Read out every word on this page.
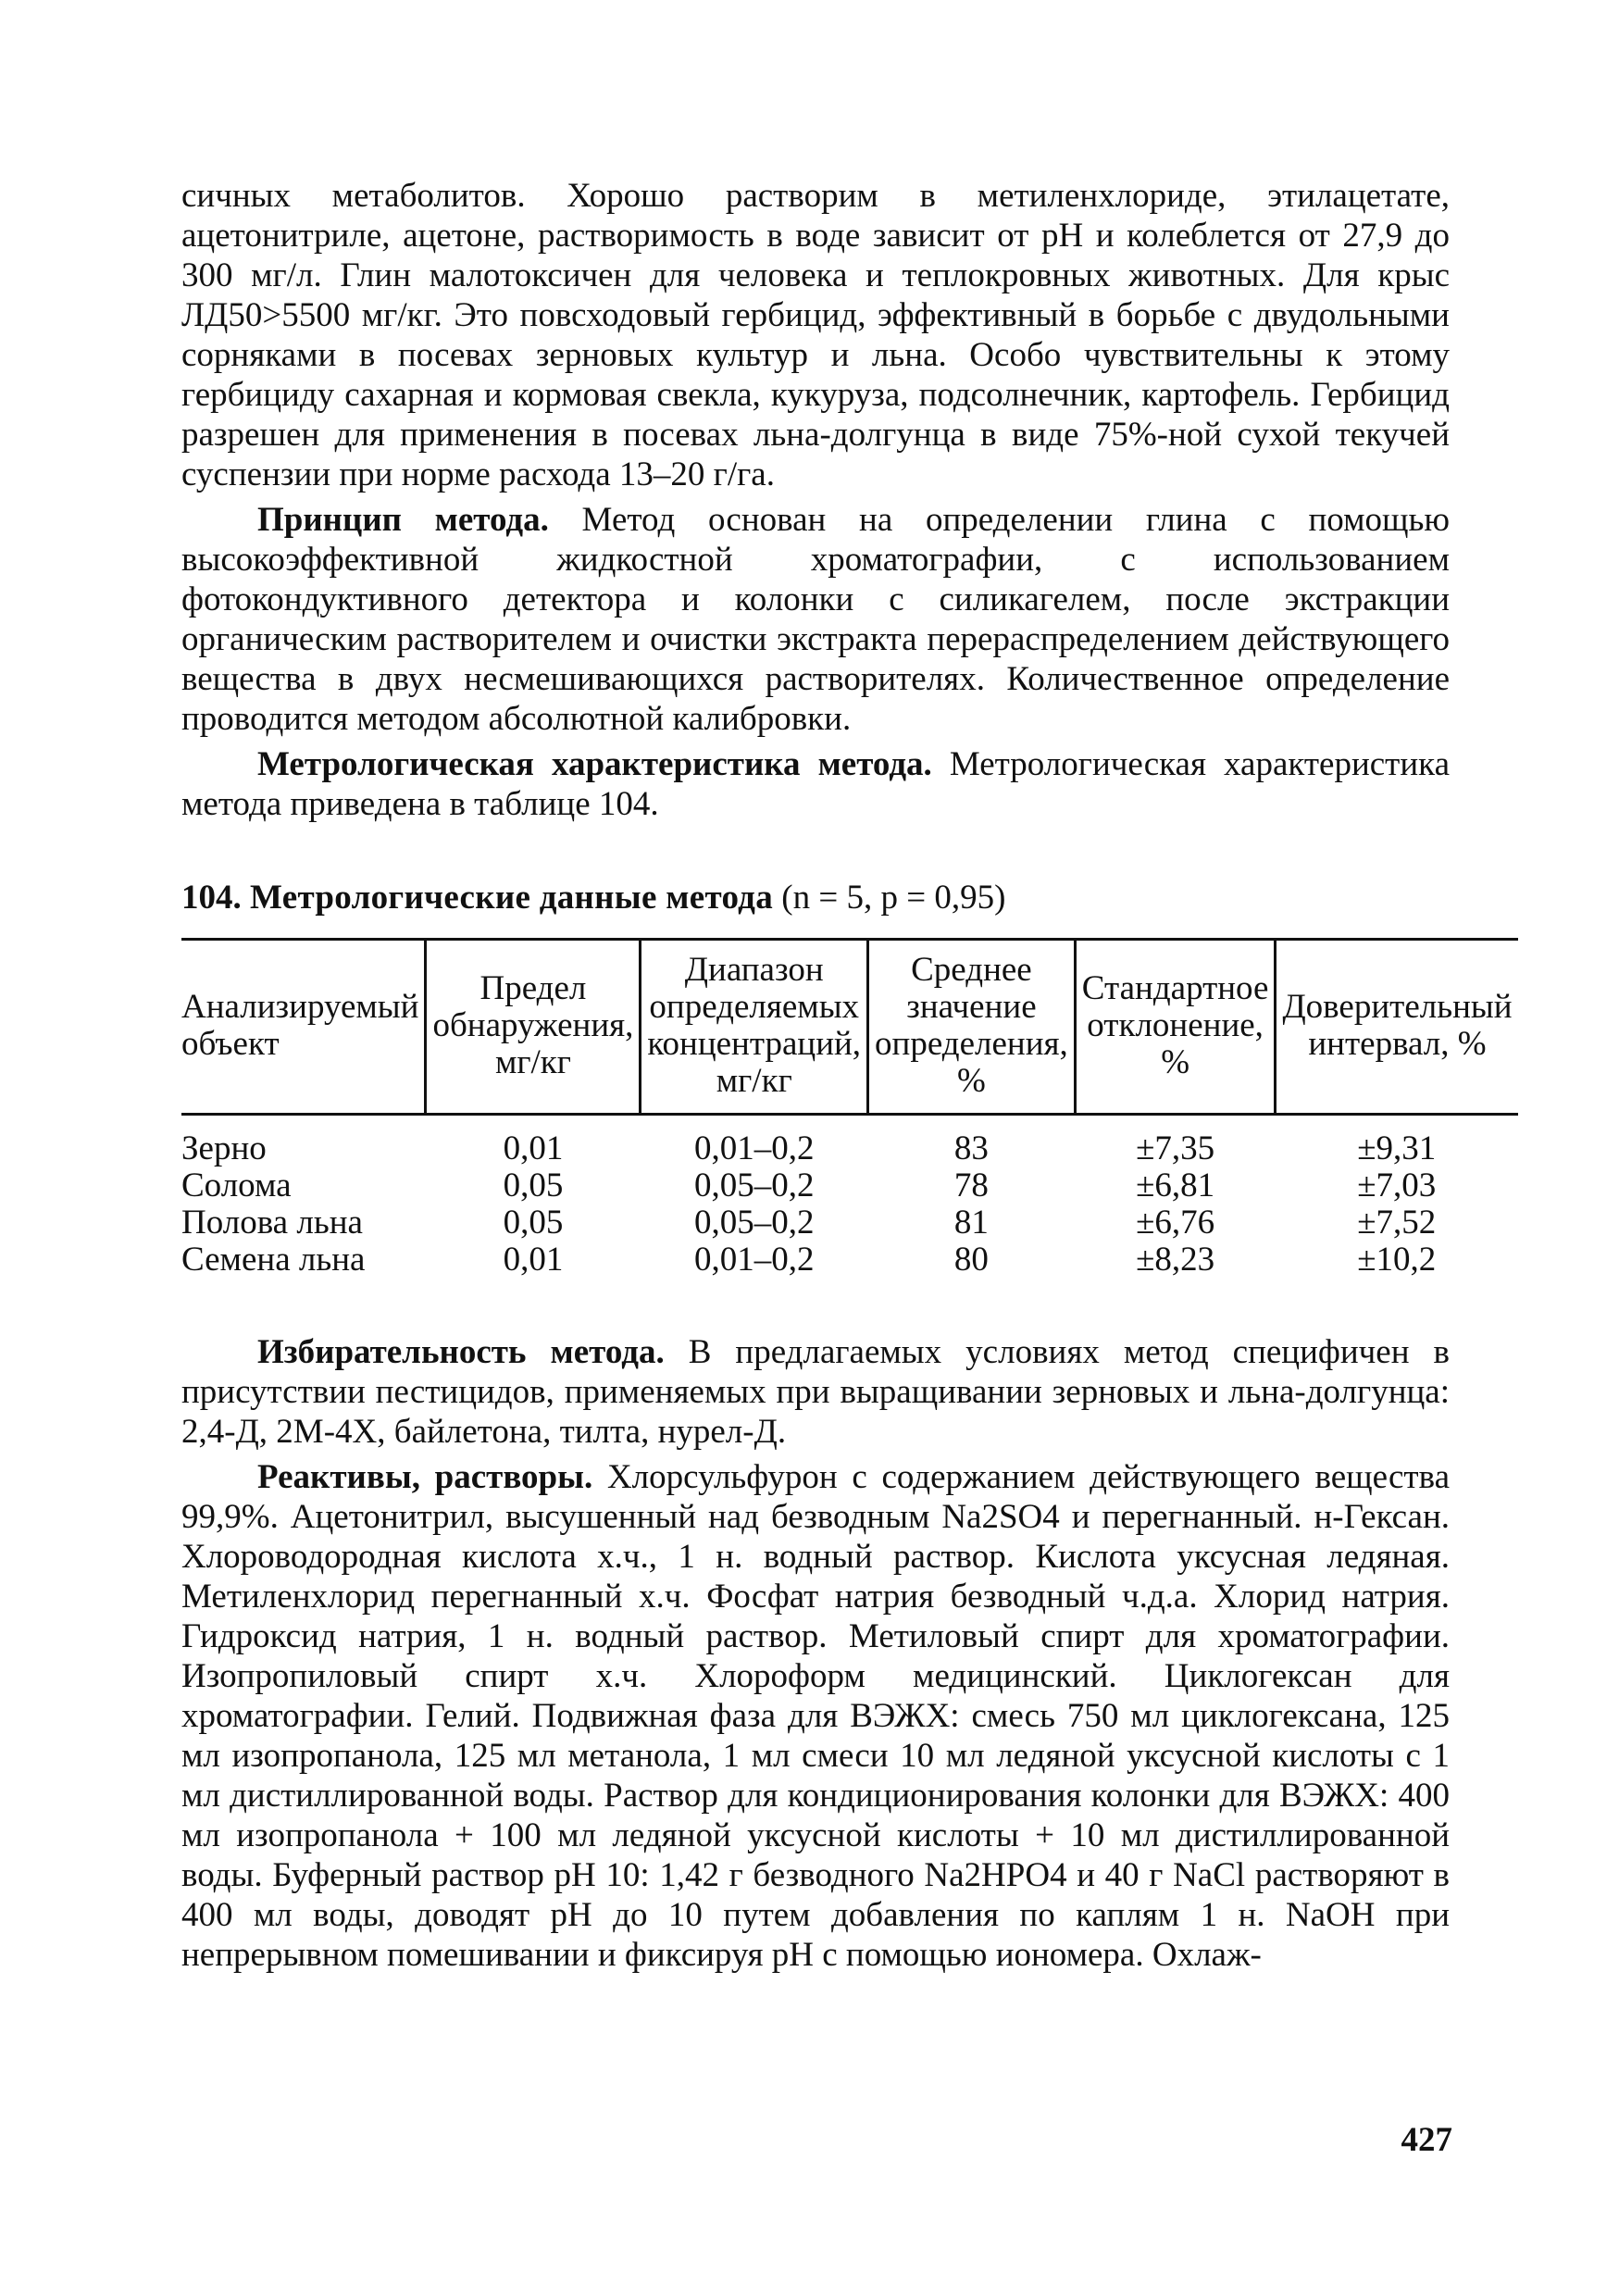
сичных метаболитов. Хорошо растворим в метиленхлориде, этилацетате, ацетонитриле, ацетоне, растворимость в воде зависит от pH и колеблется от 27,9 до 300 мг/л. Глин малотоксичен для человека и теплокровных животных. Для крыс ЛД50>5500 мг/кг. Это повсходовый гербицид, эффективный в борьбе с двудольными сорняками в посевах зерновых культур и льна. Особо чувствительны к этому гербициду сахарная и кормовая свекла, кукуруза, подсолнечник, картофель. Гербицид разрешен для применения в посевах льна-долгунца в виде 75%-ной сухой текучей суспензии при норме расхода 13–20 г/га.

Принцип метода. Метод основан на определении глина с помощью высокоэффективной жидкостной хроматографии, с использованием фотокондуктивного детектора и колонки с силикагелем, после экстракции органическим растворителем и очистки экстракта перераспределением действующего вещества в двух несмешивающихся растворителях. Количественное определение проводится методом абсолютной калибровки.

Метрологическая характеристика метода. Метрологическая характеристика метода приведена в таблице 104.

104. Метрологические данные метода (n = 5, p = 0,95)
Анализируемый объект	Предел обнаружения, мг/кг	Диапазон определяемых концентраций, мг/кг	Среднее значение определения, %	Стандартное отклонение, %	Доверительный интервал, %
Зерно	0,01	0,01–0,2	83	±7,35	±9,31
Солома	0,05	0,05–0,2	78	±6,81	±7,03
Полова льна	0,05	0,05–0,2	81	±6,76	±7,52
Семена льна	0,01	0,01–0,2	80	±8,23	±10,2

Избирательность метода. В предлагаемых условиях метод специфичен в присутствии пестицидов, применяемых при выращивании зерновых и льна-долгунца: 2,4-Д, 2М-4Х, байлетона, тилта, нурел-Д.

Реактивы, растворы. Хлорсульфурон с содержанием действующего вещества 99,9%. Ацетонитрил, высушенный над безводным Na2SO4 и перегнанный. н-Гексан. Хлороводородная кислота х.ч., 1 н. водный раствор. Кислота уксусная ледяная. Метиленхлорид перегнанный х.ч. Фосфат натрия безводный ч.д.а. Хлорид натрия. Гидроксид натрия, 1 н. водный раствор. Метиловый спирт для хроматографии. Изопропиловый спирт х.ч. Хлороформ медицинский. Циклогексан для хроматографии. Гелий. Подвижная фаза для ВЭЖХ: смесь 750 мл циклогексана, 125 мл изопропанола, 125 мл метанола, 1 мл смеси 10 мл ледяной уксусной кислоты с 1 мл дистиллированной воды. Раствор для кондиционирования колонки для ВЭЖХ: 400 мл изопропанола + 100 мл ледяной уксусной кислоты + 10 мл дистиллированной воды. Буферный раствор pH 10: 1,42 г безводного Na2HPO4 и 40 г NaCl растворяют в 400 мл воды, доводят pH до 10 путем добавления по каплям 1 н. NaOH при непрерывном помешивании и фиксируя pH с помощью иономера. Охлаж-

427
